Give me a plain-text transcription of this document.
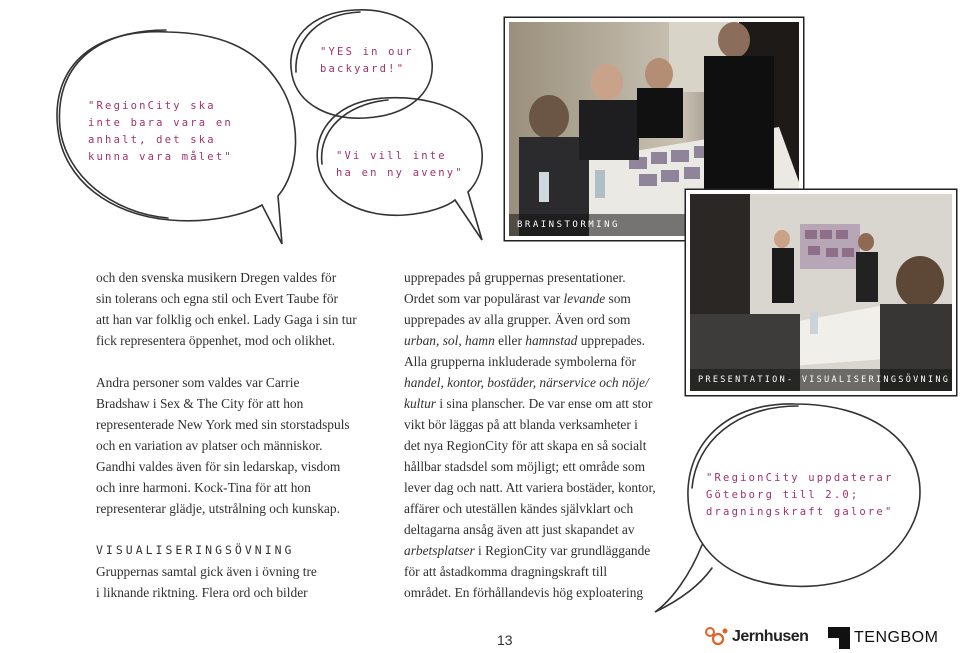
"RegionCity ska
inte bara vara en
anhalt, det ska
kunna vara målet"
"YES in our
backyard!"
"Vi vill inte
ha en ny aveny"
"RegionCity uppdaterar
Göteborg till 2.0;
dragningskraft galore"
BRAINSTORMING
PRESENTATION- VISUALISERINGSÖVNING

och den svenska musikern Dregen valdes för

sin tolerans och egna stil och Evert Taube för

att han var folklig och enkel. Lady Gaga i sin tur

fick representera öppenhet, mod och olikhet.

Andra personer som valdes var Carrie

Bradshaw i Sex & The City för att hon

representerade New York med sin storstadspuls

och en variation av platser och människor.

Gandhi valdes även för sin ledarskap, visdom

och inre harmoni. Kock-Tina för att hon

representerar glädje, utstrålning och kunskap.

VISUALISERINGSÖVNING

Gruppernas samtal gick även i övning tre

i liknande riktning. Flera ord och bilder

upprepades på gruppernas presentationer.

Ordet som var populärast var levande som

upprepades av alla grupper. Även ord som

urban, sol, hamn eller hamnstad upprepades.

Alla grupperna inkluderade symbolerna för

handel, kontor, bostäder, närservice och nöje/

kultur i sina planscher. De var ense om att stor

vikt bör läggas på att blanda verksamheter i

det nya RegionCity för att skapa en så socialt

hållbar stadsdel som möjligt; ett område som

lever dag och natt. Att variera bostäder, kontor,

affärer och uteställen kändes självklart och

deltagarna ansåg även att just skapandet av

arbetsplatser i RegionCity var grundläggande

för att åstadkomma dragningskraft till

området. En förhållandevis hög exploatering

13	Jernhusen	TENGBOM
